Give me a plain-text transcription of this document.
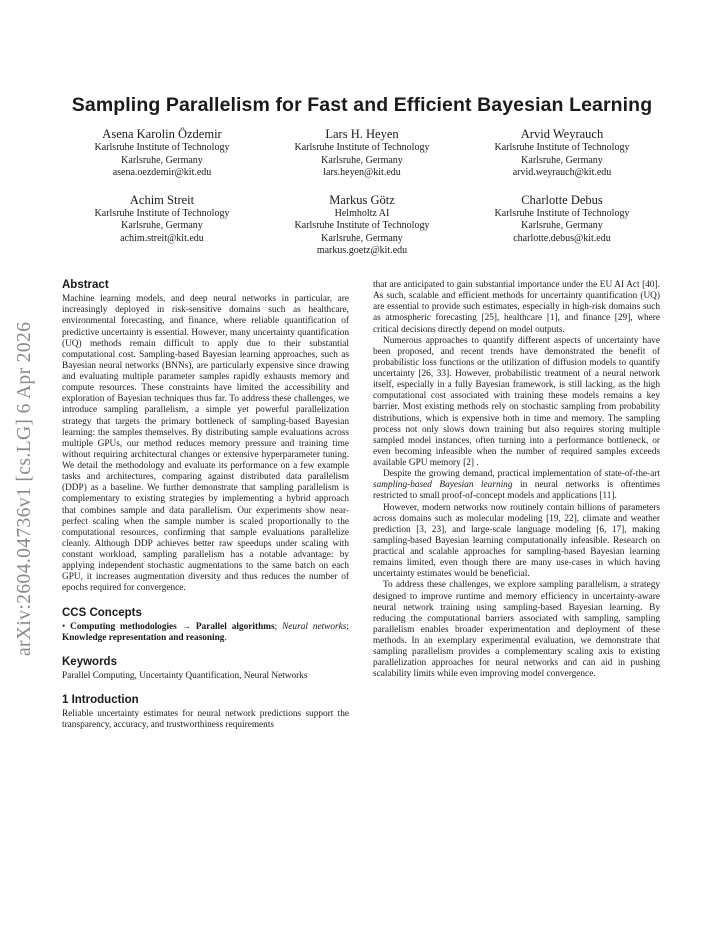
arXiv:2604.04736v1 [cs.LG] 6 Apr 2026
Sampling Parallelism for Fast and Efficient Bayesian Learning
Asena Karolin Özdemir
Karlsruhe Institute of Technology
Karlsruhe, Germany
asena.oezdemir@kit.edu
Lars H. Heyen
Karlsruhe Institute of Technology
Karlsruhe, Germany
lars.heyen@kit.edu
Arvid Weyrauch
Karlsruhe Institute of Technology
Karlsruhe, Germany
arvid.weyrauch@kit.edu
Achim Streit
Karlsruhe Institute of Technology
Karlsruhe, Germany
achim.streit@kit.edu
Markus Götz
Helmholtz AI
Karlsruhe Institute of Technology
Karlsruhe, Germany
markus.goetz@kit.edu
Charlotte Debus
Karlsruhe Institute of Technology
Karlsruhe, Germany
charlotte.debus@kit.edu
Abstract

Machine learning models, and deep neural networks in particular, are increasingly deployed in risk-sensitive domains such as healthcare, environmental forecasting, and finance, where reliable quantification of predictive uncertainty is essential. However, many uncertainty quantification (UQ) methods remain difficult to apply due to their substantial computational cost. Sampling-based Bayesian learning approaches, such as Bayesian neural networks (BNNs), are particularly expensive since drawing and evaluating multiple parameter samples rapidly exhausts memory and compute resources. These constraints have limited the accessibility and exploration of Bayesian techniques thus far. To address these challenges, we introduce sampling parallelism, a simple yet powerful parallelization strategy that targets the primary bottleneck of sampling-based Bayesian learning: the samples themselves. By distributing sample evaluations across multiple GPUs, our method reduces memory pressure and training time without requiring architectural changes or extensive hyperparameter tuning. We detail the methodology and evaluate its performance on a few example tasks and architectures, comparing against distributed data parallelism (DDP) as a baseline. We further demonstrate that sampling parallelism is complementary to existing strategies by implementing a hybrid approach that combines sample and data parallelism. Our experiments show near-perfect scaling when the sample number is scaled proportionally to the computational resources, confirming that sample evaluations parallelize cleanly. Although DDP achieves better raw speedups under scaling with constant workload, sampling parallelism has a notable advantage: by applying independent stochastic augmentations to the same batch on each GPU, it increases augmentation diversity and thus reduces the number of epochs required for convergence.

CCS Concepts

• Computing methodologies → Parallel algorithms; Neural networks; Knowledge representation and reasoning.

Keywords

Parallel Computing, Uncertainty Quantification, Neural Networks

1 Introduction

Reliable uncertainty estimates for neural network predictions support the transparency, accuracy, and trustworthiness requirements

that are anticipated to gain substantial importance under the EU AI Act [40]. As such, scalable and efficient methods for uncertainty quantification (UQ) are essential to provide such estimates, especially in high-risk domains such as atmospheric forecasting [25], healthcare [1], and finance [29], where critical decisions directly depend on model outputs.

Numerous approaches to quantify different aspects of uncertainty have been proposed, and recent trends have demonstrated the benefit of probabilistic loss functions or the utilization of diffusion models to quantify uncertainty [26, 33]. However, probabilistic treatment of a neural network itself, especially in a fully Bayesian framework, is still lacking, as the high computational cost associated with training these models remains a key barrier. Most existing methods rely on stochastic sampling from probability distributions, which is expensive both in time and memory. The sampling process not only slows down training but also requires storing multiple sampled model instances, often turning into a performance bottleneck, or even becoming infeasible when the number of required samples exceeds available GPU memory [2] .

Despite the growing demand, practical implementation of state-of-the-art sampling-based Bayesian learning in neural networks is oftentimes restricted to small proof-of-concept models and applications [11].

However, modern networks now routinely contain billions of parameters across domains such as molecular modeling [19, 22], climate and weather prediction [3, 23], and large-scale language modeling [6, 17], making sampling-based Bayesian learning computationally infeasible. Research on practical and scalable approaches for sampling-based Bayesian learning remains limited, even though there are many use-cases in which having uncertainty estimates would be beneficial.

To address these challenges, we explore sampling parallelism, a strategy designed to improve runtime and memory efficiency in uncertainty-aware neural network training using sampling-based Bayesian learning. By reducing the computational barriers associated with sampling, sampling parallelism enables broader experimentation and deployment of these methods. In an exemplary experimental evaluation, we demonstrate that sampling parallelism provides a complementary scaling axis to existing parallelization approaches for neural networks and can aid in pushing scalability limits while even improving model convergence.
